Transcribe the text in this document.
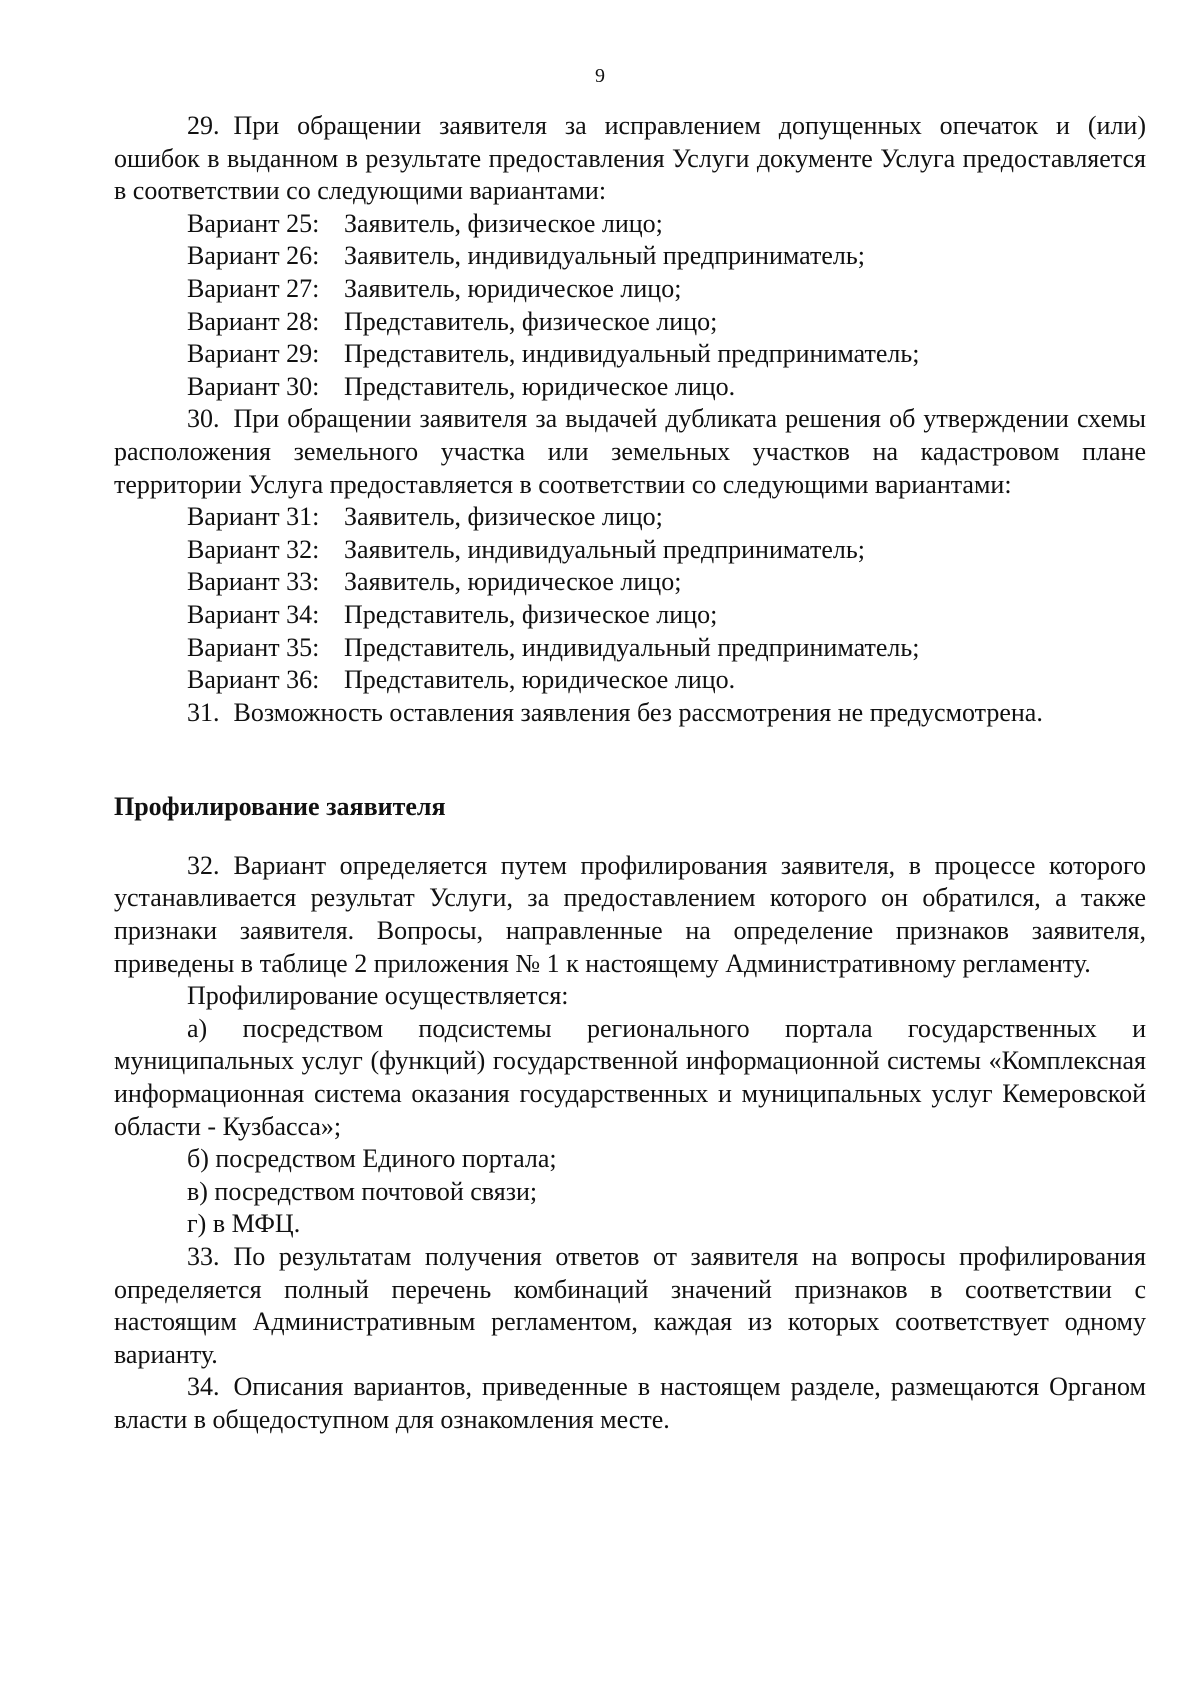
9

29. При обращении заявителя за исправлением допущенных опечаток и (или) ошибок в выданном в результате предоставления Услуги документе Услуга предоставляется в соответствии со следующими вариантами:

Вариант 25: Заявитель, физическое лицо;

Вариант 26: Заявитель, индивидуальный предприниматель;

Вариант 27: Заявитель, юридическое лицо;

Вариант 28: Представитель, физическое лицо;

Вариант 29: Представитель, индивидуальный предприниматель;

Вариант 30: Представитель, юридическое лицо.

30. При обращении заявителя за выдачей дубликата решения об утверждении схемы расположения земельного участка или земельных участков на кадастровом плане территории Услуга предоставляется в соответствии со следующими вариантами:

Вариант 31: Заявитель, физическое лицо;

Вариант 32: Заявитель, индивидуальный предприниматель;

Вариант 33: Заявитель, юридическое лицо;

Вариант 34: Представитель, физическое лицо;

Вариант 35: Представитель, индивидуальный предприниматель;

Вариант 36: Представитель, юридическое лицо.

31. Возможность оставления заявления без рассмотрения не предусмотрена.

Профилирование заявителя

32. Вариант определяется путем профилирования заявителя, в процессе которого устанавливается результат Услуги, за предоставлением которого он обратился, а также признаки заявителя. Вопросы, направленные на определение признаков заявителя, приведены в таблице 2 приложения № 1 к настоящему Административному регламенту.

Профилирование осуществляется:

а) посредством подсистемы регионального портала государственных и муниципальных услуг (функций) государственной информационной системы «Комплексная информационная система оказания государственных и муниципальных услуг Кемеровской области - Кузбасса»;

б) посредством Единого портала;

в) посредством почтовой связи;

г) в МФЦ.

33. По результатам получения ответов от заявителя на вопросы профилирования определяется полный перечень комбинаций значений признаков в соответствии с настоящим Административным регламентом, каждая из которых соответствует одному варианту.

34. Описания вариантов, приведенные в настоящем разделе, размещаются Органом власти в общедоступном для ознакомления месте.
